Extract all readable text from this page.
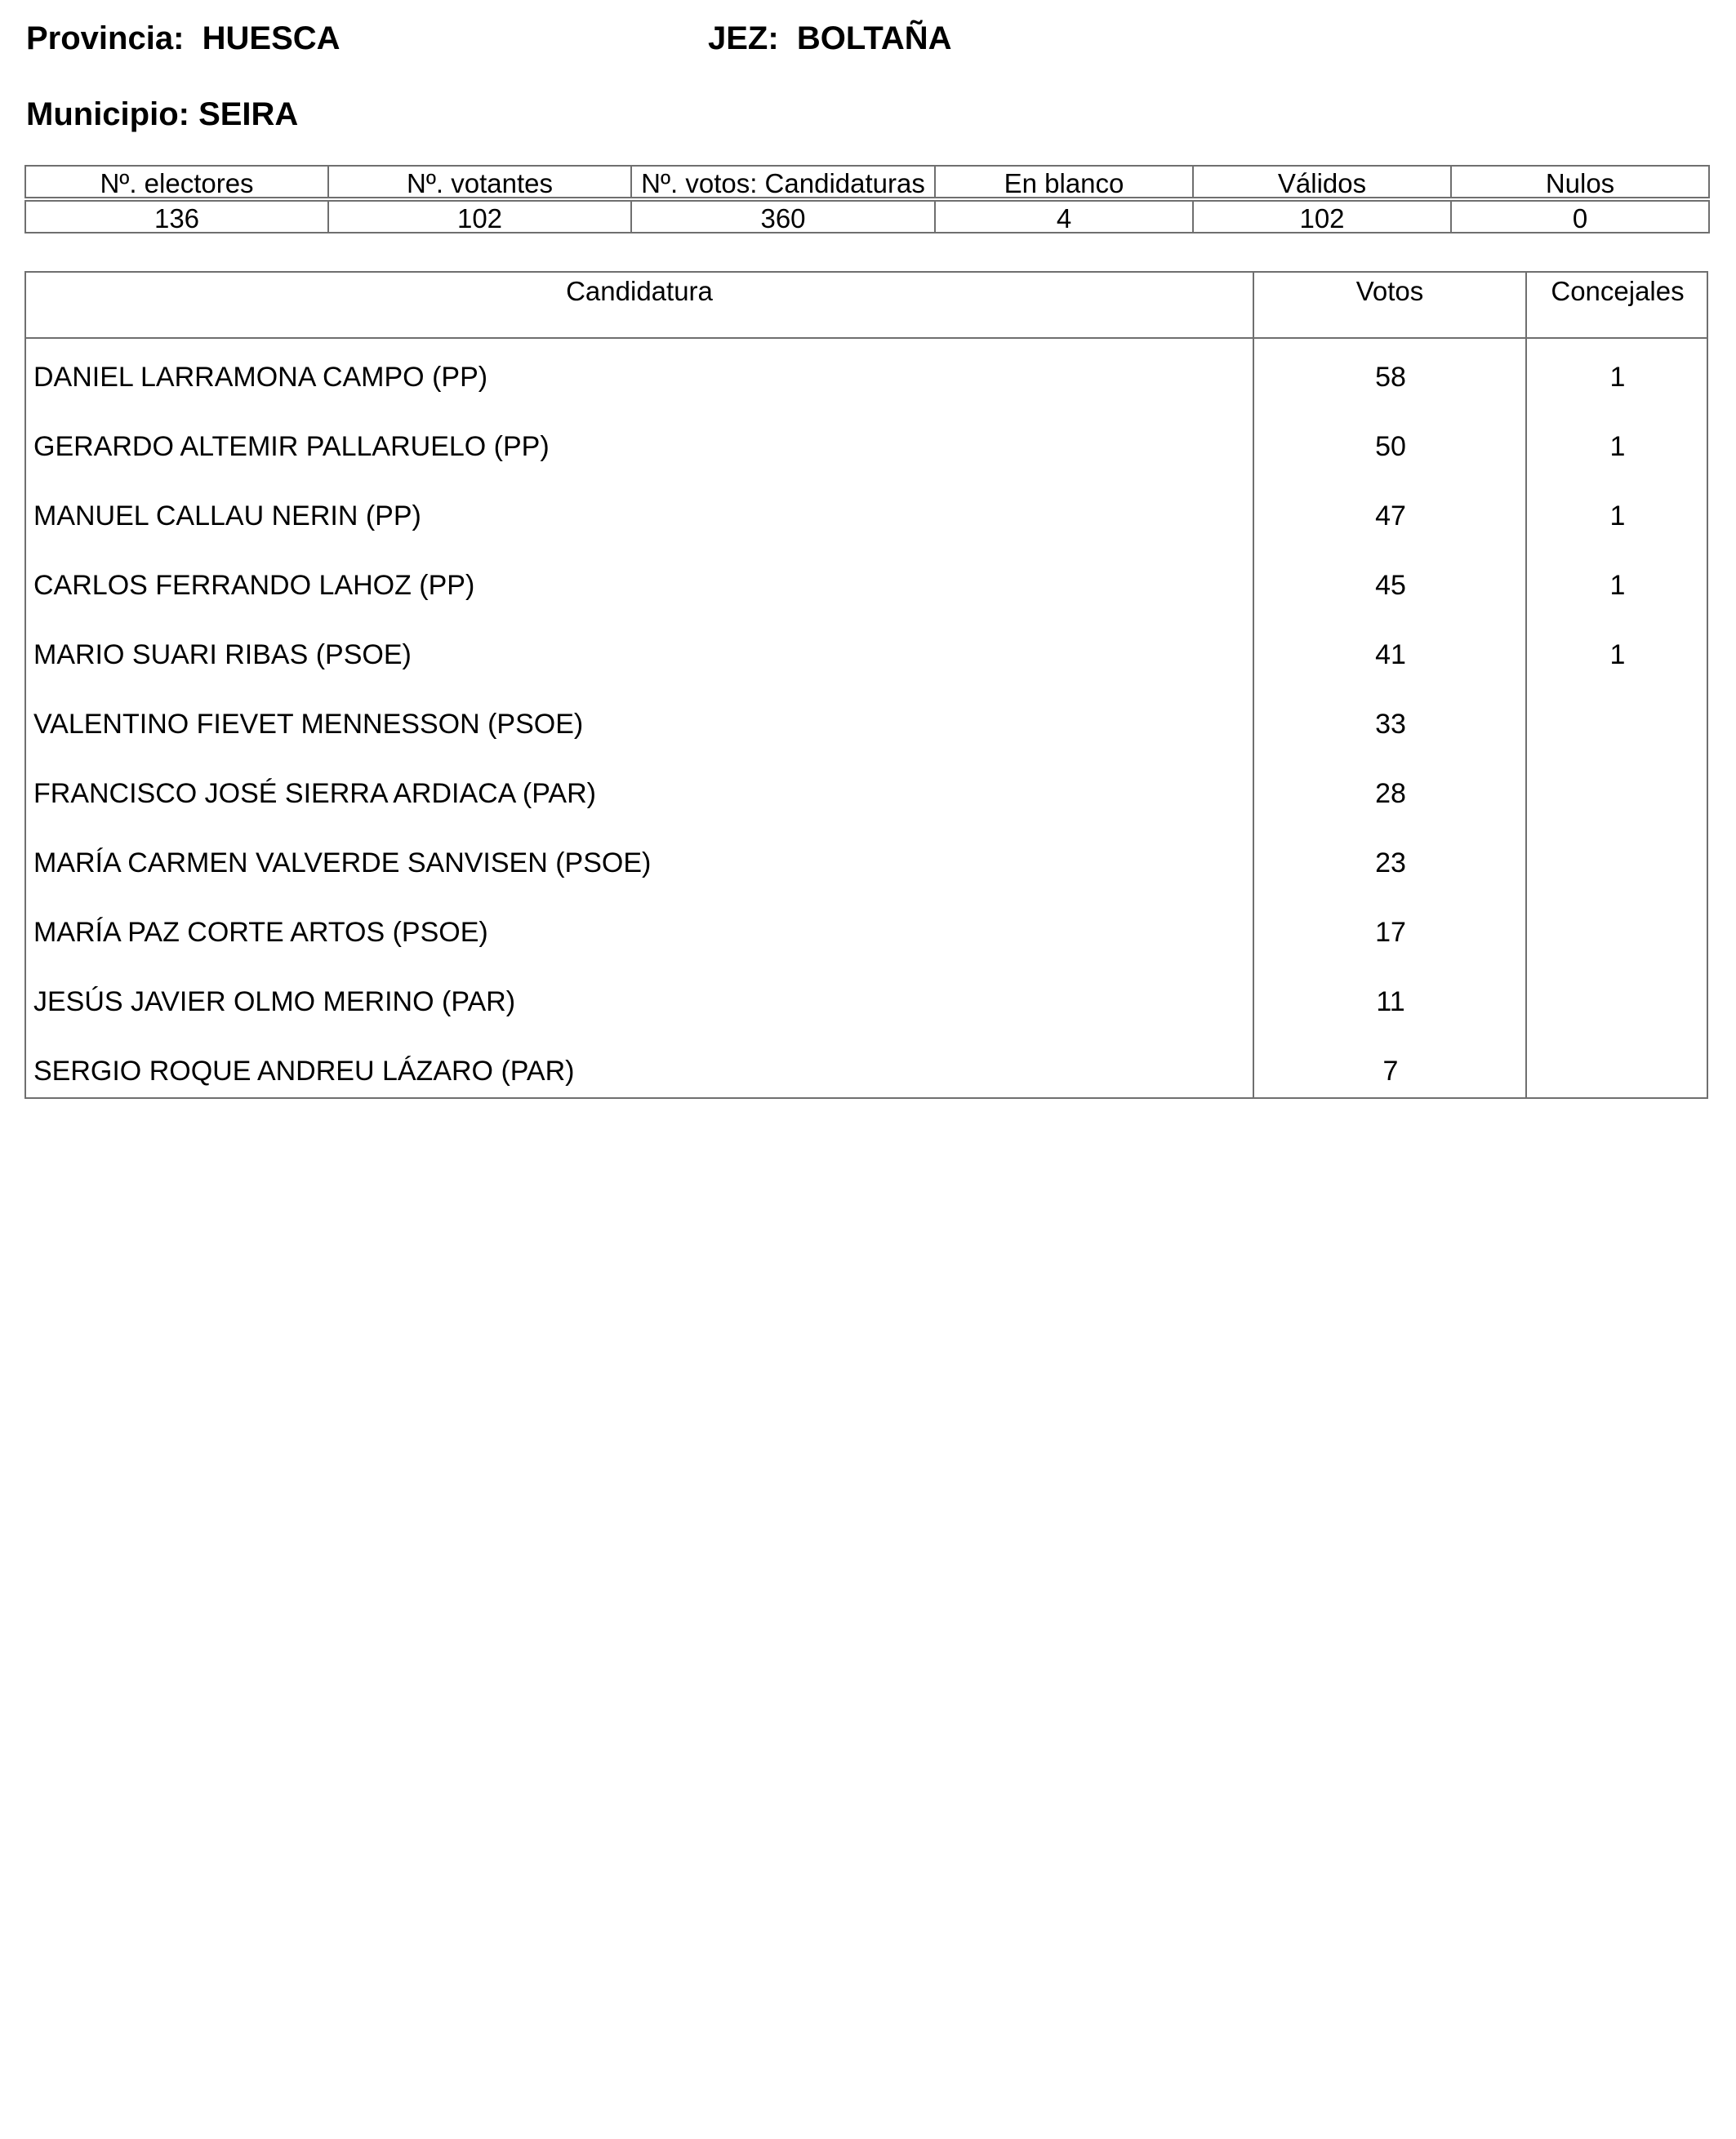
Provincia:  HUESCA	JEZ:  BOLTAÑA
Municipio: SEIRA
Nº. electores	Nº. votantes	Nº. votos: Candidaturas	En blanco	Válidos	Nulos

136	102	360	4	102	0
Candidatura	Votos	Concejales
DANIEL LARRAMONA CAMPO (PP)	58	1
GERARDO ALTEMIR PALLARUELO (PP)	50	1
MANUEL CALLAU NERIN (PP)	47	1
CARLOS FERRANDO LAHOZ (PP)	45	1
MARIO SUARI RIBAS (PSOE)	41	1
VALENTINO FIEVET MENNESSON (PSOE)	33
FRANCISCO JOSÉ SIERRA ARDIACA (PAR)	28
MARÍA CARMEN VALVERDE SANVISEN (PSOE)	23
MARÍA PAZ CORTE ARTOS (PSOE)	17
JESÚS JAVIER OLMO MERINO (PAR)	11
SERGIO ROQUE ANDREU LÁZARO (PAR)	7
